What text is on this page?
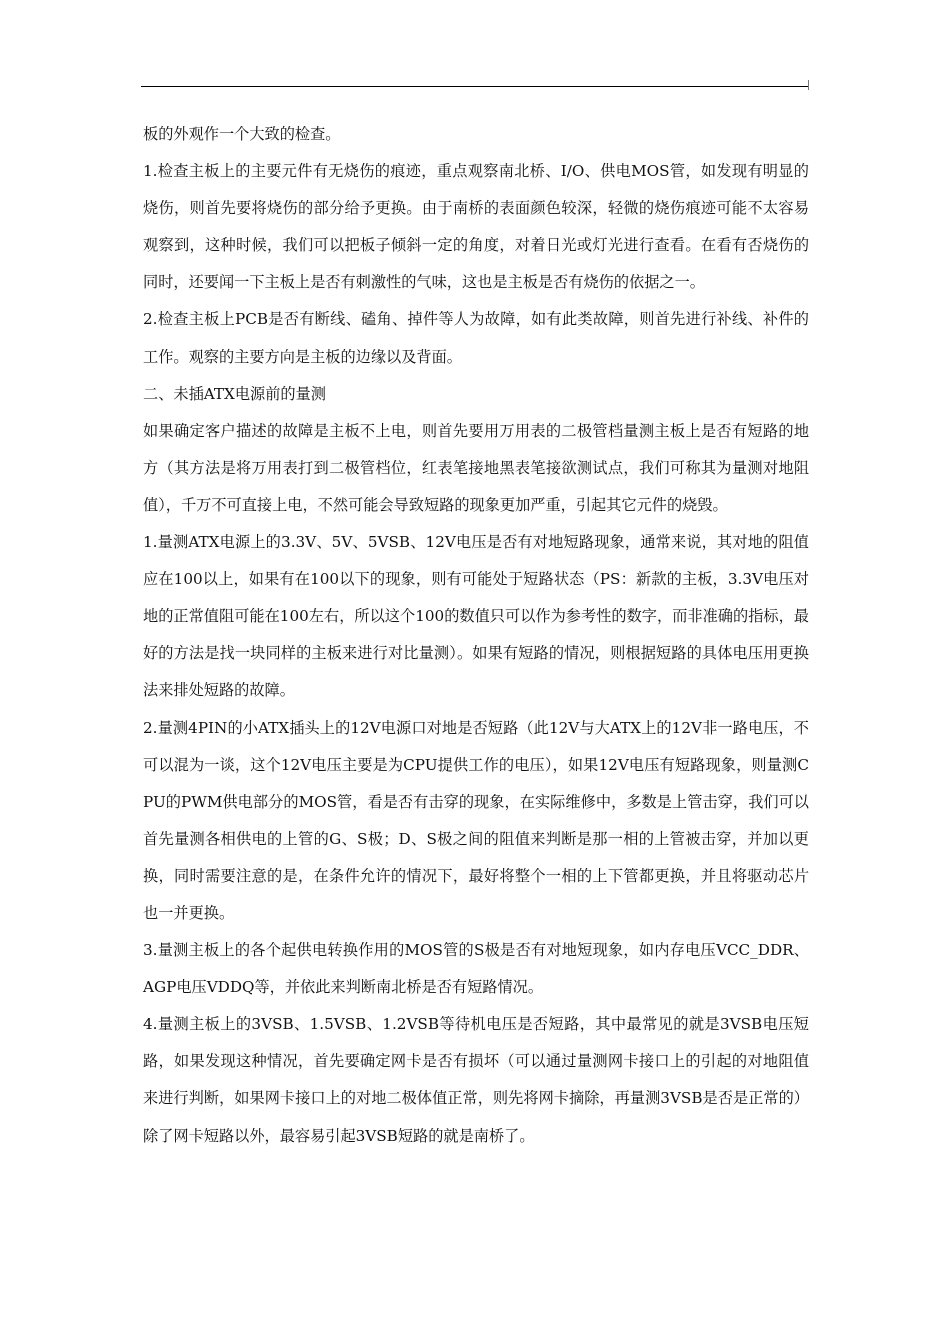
板的外观作一个大致的检查。

1.检查主板上的主要元件有无烧伤的痕迹，重点观察南北桥、I/O、供电MOS管，如发现有明显的烧伤，则首先要将烧伤的部分给予更换。由于南桥的表面颜色较深，轻微的烧伤痕迹可能不太容易观察到，这种时候，我们可以把板子倾斜一定的角度，对着日光或灯光进行查看。在看有否烧伤的同时，还要闻一下主板上是否有刺激性的气味，这也是主板是否有烧伤的依据之一。

2.检查主板上PCB是否有断线、磕角、掉件等人为故障，如有此类故障，则首先进行补线、补件的工作。观察的主要方向是主板的边缘以及背面。

二、未插ATX电源前的量测

如果确定客户描述的故障是主板不上电，则首先要用万用表的二极管档量测主板上是否有短路的地方（其方法是将万用表打到二极管档位，红表笔接地黑表笔接欲测试点，我们可称其为量测对地阻值），千万不可直接上电，不然可能会导致短路的现象更加严重，引起其它元件的烧毁。

1.量测ATX电源上的3.3V、5V、5VSB、12V电压是否有对地短路现象，通常来说，其对地的阻值应在100以上，如果有在100以下的现象，则有可能处于短路状态（PS：新款的主板，3.3V电压对地的正常值阻可能在100左右，所以这个100的数值只可以作为参考性的数字，而非准确的指标，最好的方法是找一块同样的主板来进行对比量测）。如果有短路的情况，则根据短路的具体电压用更换法来排处短路的故障。

2.量测4PIN的小ATX插头上的12V电源口对地是否短路（此12V与大ATX上的12V非一路电压，不可以混为一谈，这个12V电压主要是为CPU提供工作的电压），如果12V电压有短路现象，则量测CPU的PWM供电部分的MOS管，看是否有击穿的现象，在实际维修中，多数是上管击穿，我们可以首先量测各相供电的上管的G、S极；D、S极之间的阻值来判断是那一相的上管被击穿，并加以更换，同时需要注意的是，在条件允许的情况下，最好将整个一相的上下管都更换，并且将驱动芯片也一并更换。

3.量测主板上的各个起供电转换作用的MOS管的S极是否有对地短现象，如内存电压VCC_DDR、AGP电压VDDQ等，并依此来判断南北桥是否有短路情况。

4.量测主板上的3VSB、1.5VSB、1.2VSB等待机电压是否短路，其中最常见的就是3VSB电压短路，如果发现这种情况，首先要确定网卡是否有损坏（可以通过量测网卡接口上的引起的对地阻值来进行判断，如果网卡接口上的对地二极体值正常，则先将网卡摘除，再量测3VSB是否是正常的）除了网卡短路以外，最容易引起3VSB短路的就是南桥了。
